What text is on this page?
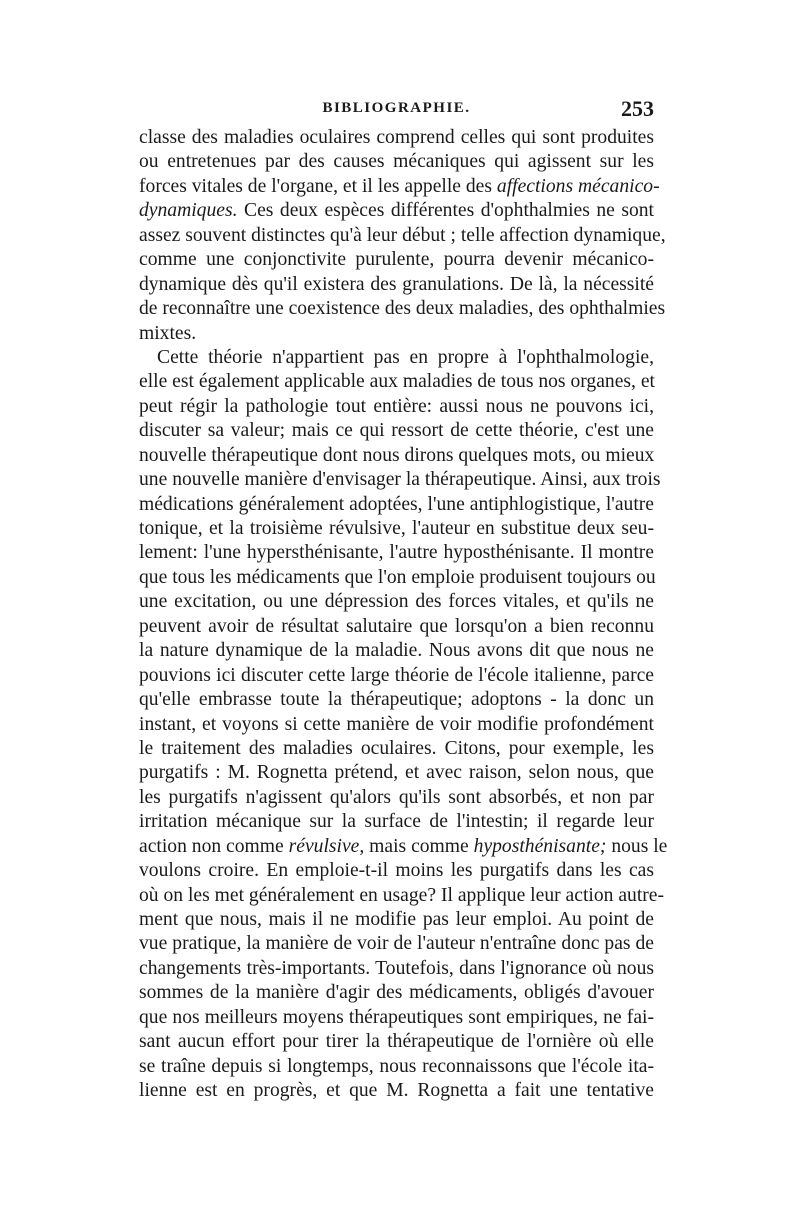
BIBLIOGRAPHIE.	253
classe des maladies oculaires comprend celles qui sont produites
ou entretenues par des causes mécaniques qui agissent sur les
forces vitales de l'organe, et il les appelle des affections mécanico-
dynamiques. Ces deux espèces différentes d'ophthalmies ne sont
assez souvent distinctes qu'à leur début ; telle affection dynamique,
comme une conjonctivite purulente, pourra devenir mécanico-
dynamique dès qu'il existera des granulations. De là, la nécessité
de reconnaître une coexistence des deux maladies, des ophthalmies
mixtes.
Cette théorie n'appartient pas en propre à l'ophthalmologie,
elle est également applicable aux maladies de tous nos organes, et
peut régir la pathologie tout entière: aussi nous ne pouvons ici,
discuter sa valeur; mais ce qui ressort de cette théorie, c'est une
nouvelle thérapeutique dont nous dirons quelques mots, ou mieux
une nouvelle manière d'envisager la thérapeutique. Ainsi, aux trois
médications généralement adoptées, l'une antiphlogistique, l'autre
tonique, et la troisième révulsive, l'auteur en substitue deux seu-
lement: l'une hypersthénisante, l'autre hyposthénisante. Il montre
que tous les médicaments que l'on emploie produisent toujours ou
une excitation, ou une dépression des forces vitales, et qu'ils ne
peuvent avoir de résultat salutaire que lorsqu'on a bien reconnu
la nature dynamique de la maladie. Nous avons dit que nous ne
pouvions ici discuter cette large théorie de l'école italienne, parce
qu'elle embrasse toute la thérapeutique; adoptons - la donc un
instant, et voyons si cette manière de voir modifie profondément
le traitement des maladies oculaires. Citons, pour exemple, les
purgatifs : M. Rognetta prétend, et avec raison, selon nous, que
les purgatifs n'agissent qu'alors qu'ils sont absorbés, et non par
irritation mécanique sur la surface de l'intestin; il regarde leur
action non comme révulsive, mais comme hyposthénisante; nous le
voulons croire. En emploie-t-il moins les purgatifs dans les cas
où on les met généralement en usage? Il applique leur action autre-
ment que nous, mais il ne modifie pas leur emploi. Au point de
vue pratique, la manière de voir de l'auteur n'entraîne donc pas de
changements très-importants. Toutefois, dans l'ignorance où nous
sommes de la manière d'agir des médicaments, obligés d'avouer
que nos meilleurs moyens thérapeutiques sont empiriques, ne fai-
sant aucun effort pour tirer la thérapeutique de l'ornière où elle
se traîne depuis si longtemps, nous reconnaissons que l'école ita-
lienne est en progrès, et que M. Rognetta a fait une tentative
